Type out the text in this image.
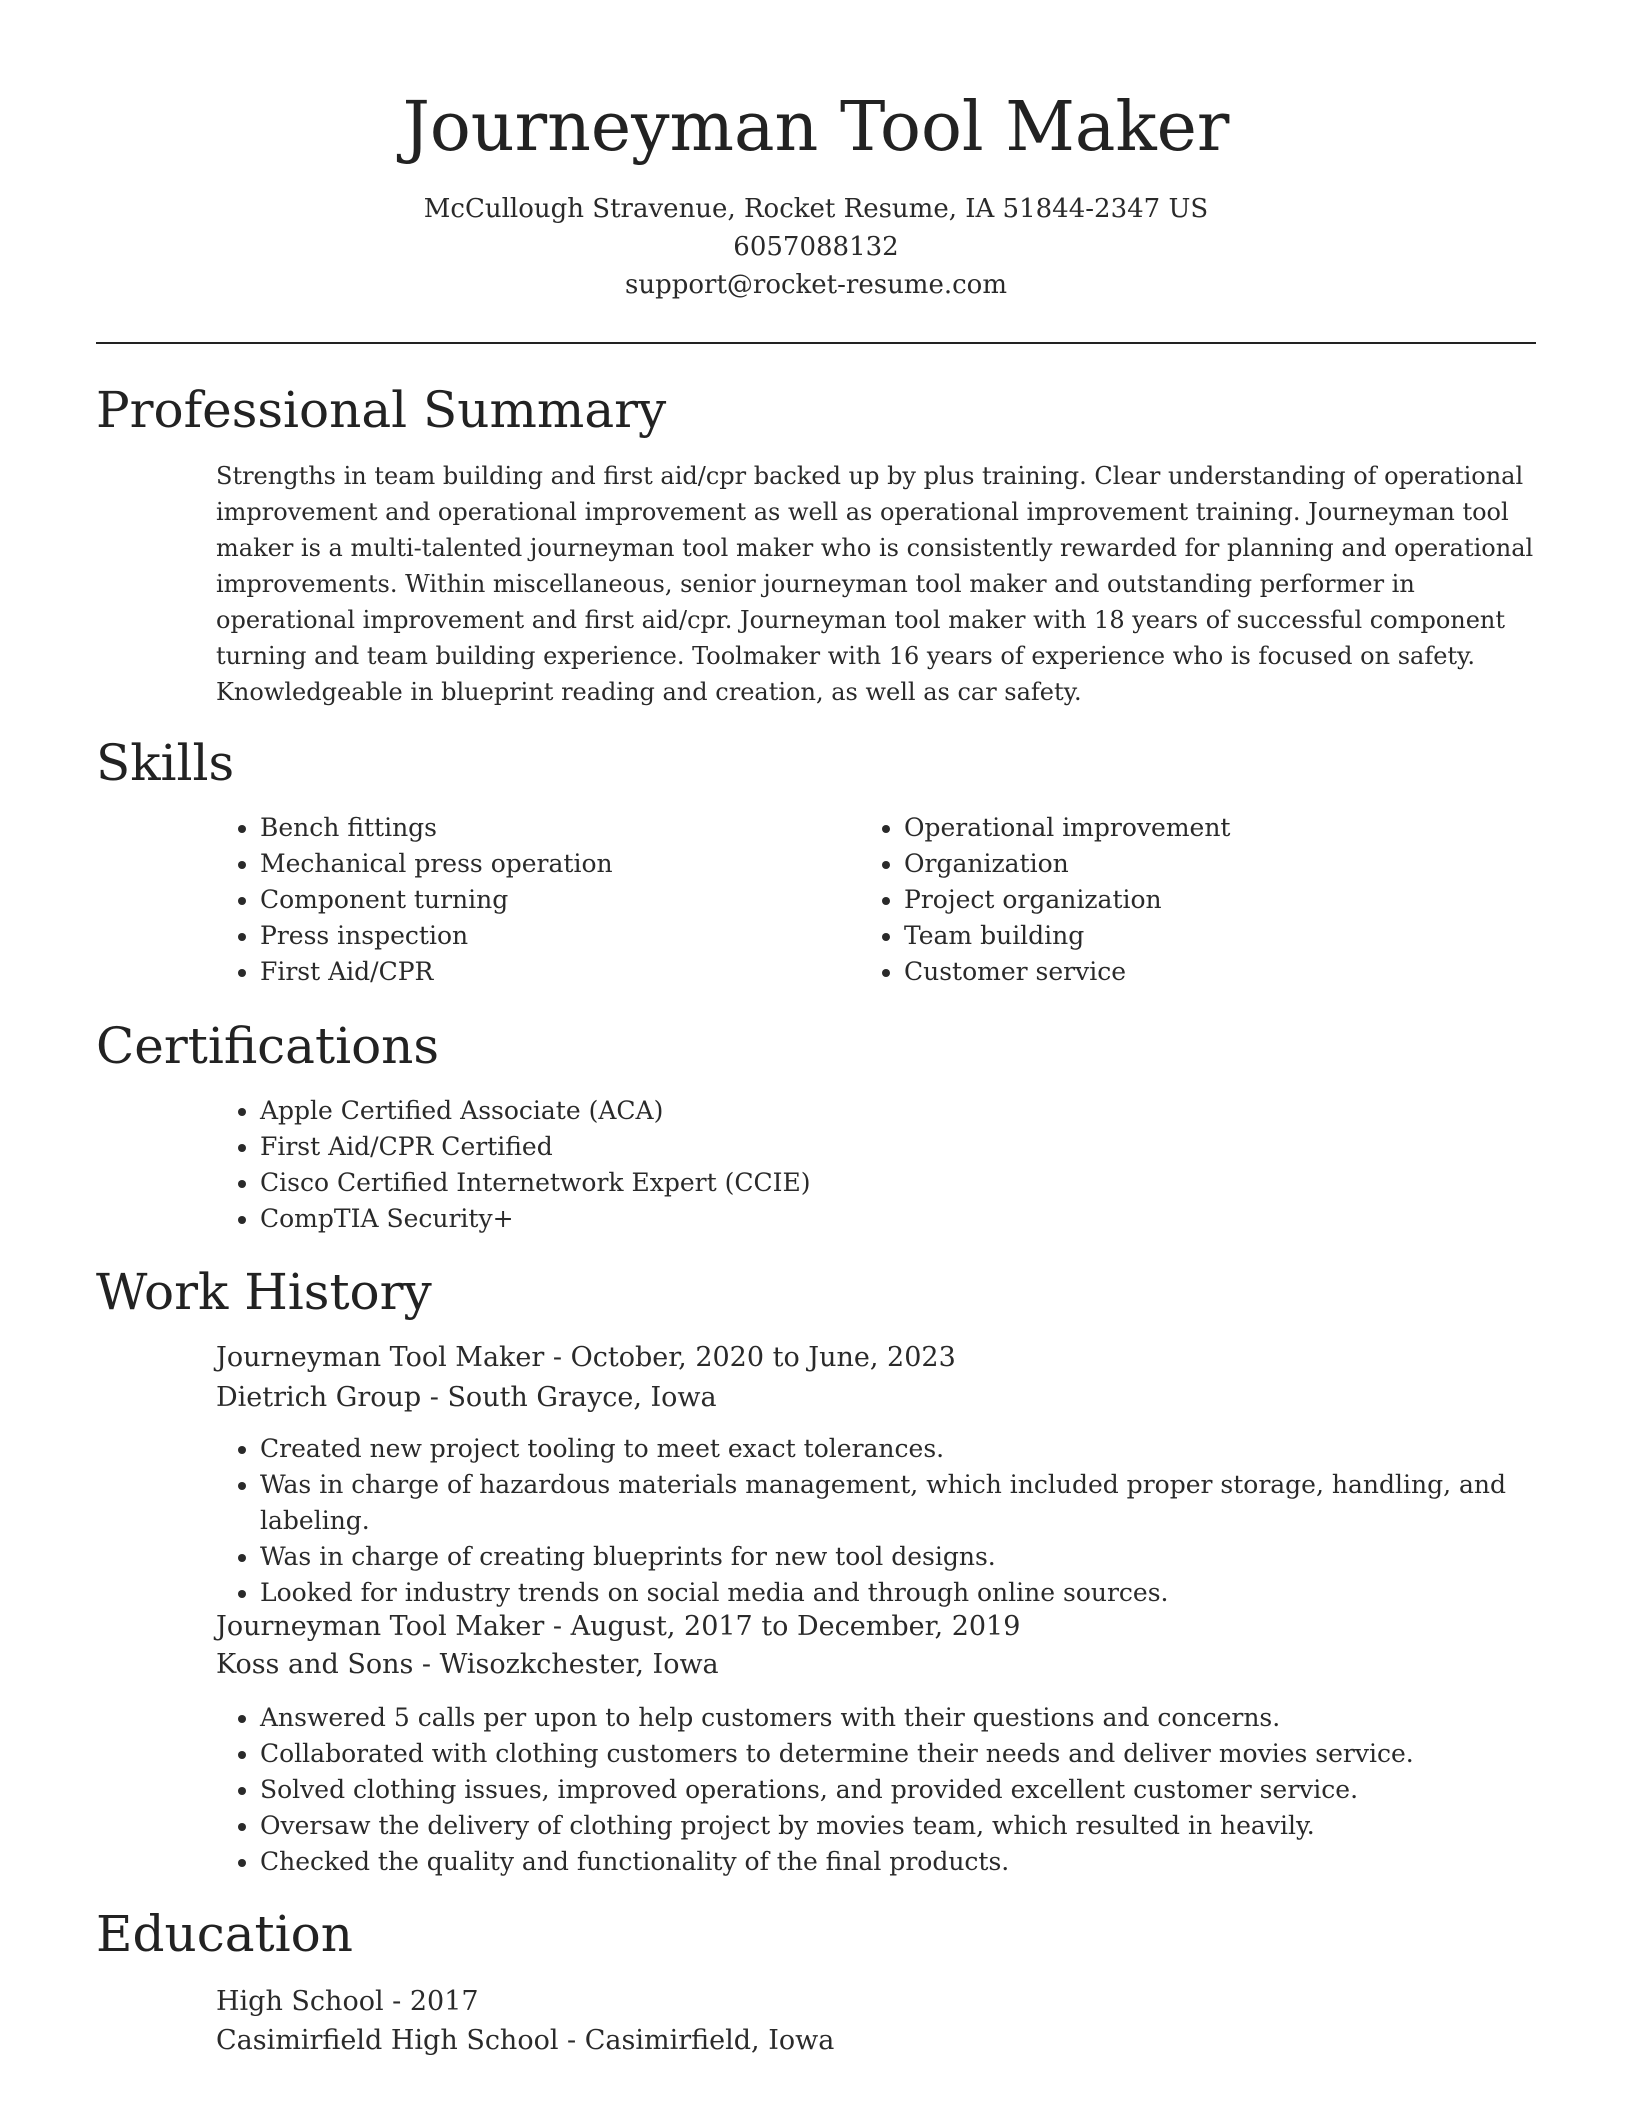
Journeyman Tool Maker

McCullough Stravenue, Rocket Resume, IA 51844-2347 US

6057088132

support@rocket-resume.com

Professional Summary

Strengths in team building and first aid/cpr backed up by plus training. Clear understanding of operational improvement and operational improvement as well as operational improvement training. Journeyman tool maker is a multi-talented journeyman tool maker who is consistently rewarded for planning and operational improvements. Within miscellaneous, senior journeyman tool maker and outstanding performer in operational improvement and first aid/cpr. Journeyman tool maker with 18 years of successful component turning and team building experience. Toolmaker with 16 years of experience who is focused on safety. Knowledgeable in blueprint reading and creation, as well as car safety.

Skills
• Bench fittings
• Mechanical press operation
• Component turning
• Press inspection
• First Aid/CPR
• Operational improvement
• Organization
• Project organization
• Team building
• Customer service
Certifications
• Apple Certified Associate (ACA)
• First Aid/CPR Certified
• Cisco Certified Internetwork Expert (CCIE)
• CompTIA Security+
Work History

Journeyman Tool Maker - October, 2020 to June, 2023

Dietrich Group - South Grayce, Iowa

• Created new project tooling to meet exact tolerances.
• Was in charge of hazardous materials management, which included proper storage, handling, and labeling.
• Was in charge of creating blueprints for new tool designs.
• Looked for industry trends on social media and through online sources.

Journeyman Tool Maker - August, 2017 to December, 2019

Koss and Sons - Wisozkchester, Iowa

• Answered 5 calls per upon to help customers with their questions and concerns.
• Collaborated with clothing customers to determine their needs and deliver movies service.
• Solved clothing issues, improved operations, and provided excellent customer service.
• Oversaw the delivery of clothing project by movies team, which resulted in heavily.
• Checked the quality and functionality of the final products.
Education

High School - 2017

Casimirfield High School - Casimirfield, Iowa
